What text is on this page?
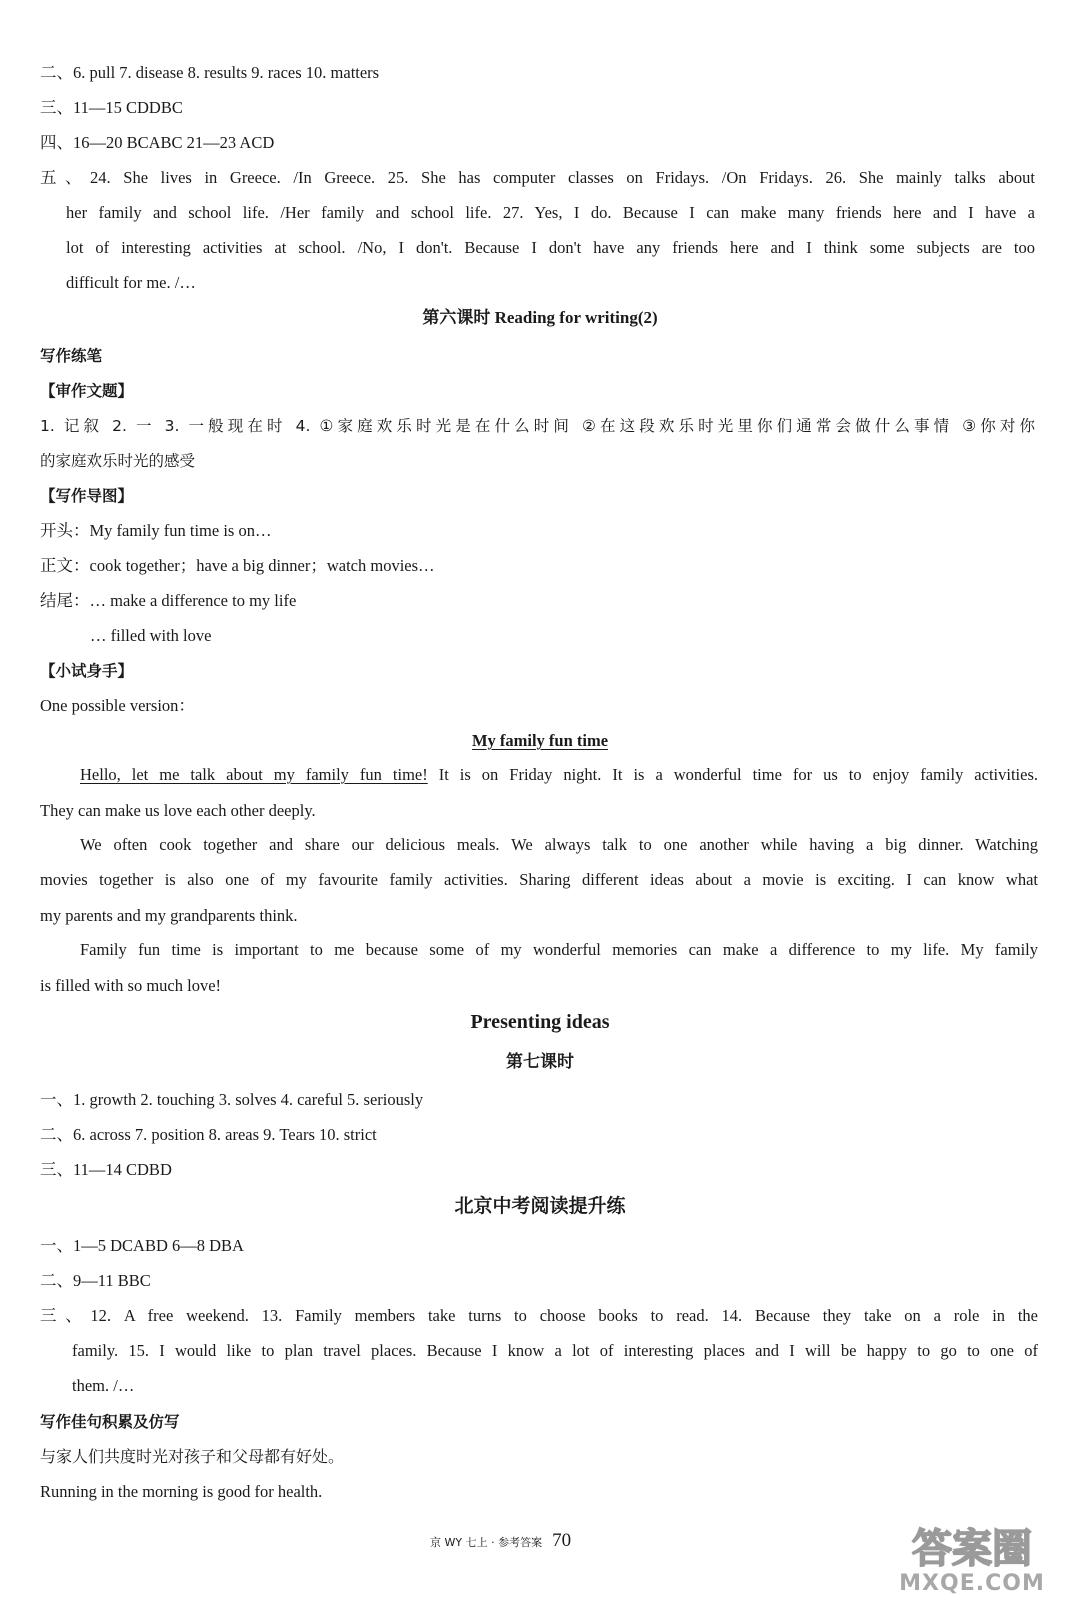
二、6. pull 7. disease 8. results 9. races 10. matters
三、11—15 CDDBC
四、16—20 BCABC 21—23 ACD
五、24. She lives in Greece. /In Greece. 25. She has computer classes on Fridays. /On Fridays. 26. She mainly talks about
her family and school life. /Her family and school life. 27. Yes, I do. Because I can make many friends here and I have a
lot of interesting activities at school. /No, I don't. Because I don't have any friends here and I think some subjects are too
difficult for me. /…
第六课时 Reading for writing(2)
写作练笔
【审作文题】
1. 记叙 2. 一 3. 一般现在时 4. ①家庭欢乐时光是在什么时间 ②在这段欢乐时光里你们通常会做什么事情 ③你对你
的家庭欢乐时光的感受
【写作导图】
开头：My family fun time is on…
正文：cook together；have a big dinner；watch movies…
结尾：… make a difference to my life
… filled with love
【小试身手】
One possible version：
My family fun time
Hello, let me talk about my family fun time! It is on Friday night. It is a wonderful time for us to enjoy family activities.
They can make us love each other deeply.
We often cook together and share our delicious meals. We always talk to one another while having a big dinner. Watching
movies together is also one of my favourite family activities. Sharing different ideas about a movie is exciting. I can know what
my parents and my grandparents think.
Family fun time is important to me because some of my wonderful memories can make a difference to my life. My family
is filled with so much love!
Presenting ideas
第七课时
一、1. growth 2. touching 3. solves 4. careful 5. seriously
二、6. across 7. position 8. areas 9. Tears 10. strict
三、11—14 CDBD
北京中考阅读提升练
一、1—5 DCABD 6—8 DBA
二、9—11 BBC
三、12. A free weekend. 13. Family members take turns to choose books to read. 14. Because they take on a role in the
family. 15. I would like to plan travel places. Because I know a lot of interesting places and I will be happy to go to one of
them. /…
写作佳句积累及仿写
与家人们共度时光对孩子和父母都有好处。
Running in the morning is good for health.
京 WY 七上 · 参考答案 70	答案圈
MXQE.COM
